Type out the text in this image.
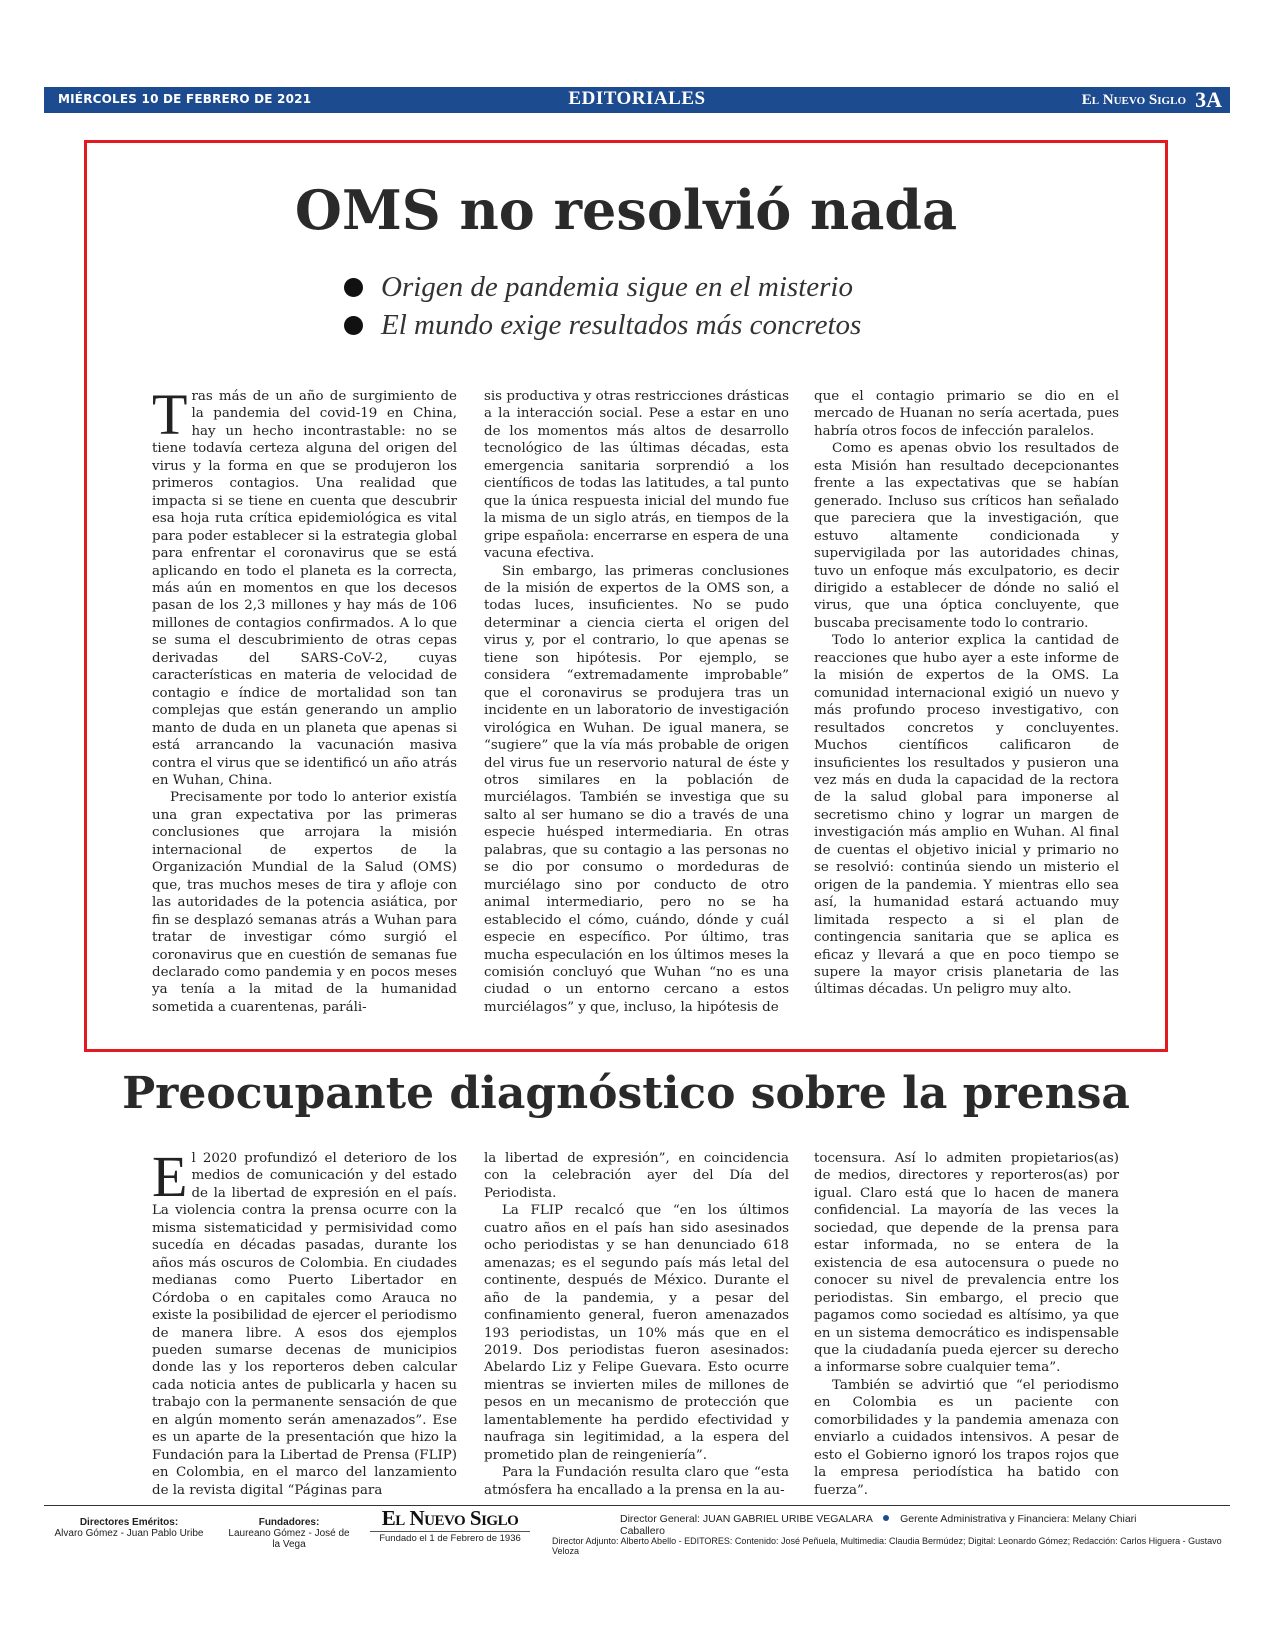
MIÉRCOLES 10 DE FEBRERO DE 2021	EDITORIALES	El Nuevo Siglo 3A
OMS no resolvió nada
Origen de pandemia sigue en el misterio
El mundo exige resultados más concretos
T ras más de un año de surgimiento de la pandemia del covid-19 en China, hay un hecho incontrastable: no se tiene todavía certeza alguna del origen del virus y la forma en que se produjeron los primeros contagios. Una realidad que impacta si se tiene en cuenta que descubrir esa hoja ruta crítica epidemiológica es vital para poder establecer si la estrategia global para enfrentar el coronavirus que se está aplicando en todo el planeta es la correcta, más aún en momentos en que los decesos pasan de los 2,3 millones y hay más de 106 millones de contagios confirmados. A lo que se suma el descubrimiento de otras cepas derivadas del SARS-CoV-2, cuyas características en materia de velocidad de contagio e índice de mortalidad son tan complejas que están generando un amplio manto de duda en un planeta que apenas si está arrancando la vacunación masiva contra el virus que se identificó un año atrás en Wuhan, China.

Precisamente por todo lo anterior existía una gran expectativa por las primeras conclusiones que arrojara la misión internacional de expertos de la Organización Mundial de la Salud (OMS) que, tras muchos meses de tira y afloje con las autoridades de la potencia asiática, por fin se desplazó semanas atrás a Wuhan para tratar de investigar cómo surgió el coronavirus que en cuestión de semanas fue declarado como pandemia y en pocos meses ya tenía a la mitad de la humanidad sometida a cuarentenas, paráli-

sis productiva y otras restricciones drásticas a la interacción social. Pese a estar en uno de los momentos más altos de desarrollo tecnológico de las últimas décadas, esta emergencia sanitaria sorprendió a los científicos de todas las latitudes, a tal punto que la única respuesta inicial del mundo fue la misma de un siglo atrás, en tiempos de la gripe española: encerrarse en espera de una vacuna efectiva.

Sin embargo, las primeras conclusiones de la misión de expertos de la OMS son, a todas luces, insuficientes. No se pudo determinar a ciencia cierta el origen del virus y, por el contrario, lo que apenas se tiene son hipótesis. Por ejemplo, se considera “extremadamente improbable” que el coronavirus se produjera tras un incidente en un laboratorio de investigación virológica en Wuhan. De igual manera, se “sugiere” que la vía más probable de origen del virus fue un reservorio natural de éste y otros similares en la población de murciélagos. También se investiga que su salto al ser humano se dio a través de una especie huésped intermediaria. En otras palabras, que su contagio a las personas no se dio por consumo o mordeduras de murciélago sino por conducto de otro animal intermediario, pero no se ha establecido el cómo, cuándo, dónde y cuál especie en específico. Por último, tras mucha especulación en los últimos meses la comisión concluyó que Wuhan “no es una ciudad o un entorno cercano a estos murciélagos” y que, incluso, la hipótesis de

que el contagio primario se dio en el mercado de Huanan no sería acertada, pues habría otros focos de infección paralelos.

Como es apenas obvio los resultados de esta Misión han resultado decepcionantes frente a las expectativas que se habían generado. Incluso sus críticos han señalado que pareciera que la investigación, que estuvo altamente condicionada y supervigilada por las autoridades chinas, tuvo un enfoque más exculpatorio, es decir dirigido a establecer de dónde no salió el virus, que una óptica concluyente, que buscaba precisamente todo lo contrario.

Todo lo anterior explica la cantidad de reacciones que hubo ayer a este informe de la misión de expertos de la OMS. La comunidad internacional exigió un nuevo y más profundo proceso investigativo, con resultados concretos y concluyentes. Muchos científicos calificaron de insuficientes los resultados y pusieron una vez más en duda la capacidad de la rectora de la salud global para imponerse al secretismo chino y lograr un margen de investigación más amplio en Wuhan. Al final de cuentas el objetivo inicial y primario no se resolvió: continúa siendo un misterio el origen de la pandemia. Y mientras ello sea así, la humanidad estará actuando muy limitada respecto a si el plan de contingencia sanitaria que se aplica es eficaz y llevará a que en poco tiempo se supere la mayor crisis planetaria de las últimas décadas. Un peligro muy alto.

Preocupante diagnóstico sobre la prensa
E l 2020 profundizó el deterioro de los medios de comunicación y del estado de la libertad de expresión en el país. La violencia contra la prensa ocurre con la misma sistematicidad y permisividad como sucedía en décadas pasadas, durante los años más oscuros de Colombia. En ciudades medianas como Puerto Libertador en Córdoba o en capitales como Arauca no existe la posibilidad de ejercer el periodismo de manera libre. A esos dos ejemplos pueden sumarse decenas de municipios donde las y los reporteros deben calcular cada noticia antes de publicarla y hacen su trabajo con la permanente sensación de que en algún momento serán amenazados”. Ese es un aparte de la presentación que hizo la Fundación para la Libertad de Prensa (FLIP) en Colombia, en el marco del lanzamiento de la revista digital “Páginas para

la libertad de expresión”, en coincidencia con la celebración ayer del Día del Periodista.

La FLIP recalcó que “en los últimos cuatro años en el país han sido asesinados ocho periodistas y se han denunciado 618 amenazas; es el segundo país más letal del continente, después de México. Durante el año de la pandemia, y a pesar del confinamiento general, fueron amenazados 193 periodistas, un 10% más que en el 2019. Dos periodistas fueron asesinados: Abelardo Liz y Felipe Guevara. Esto ocurre mientras se invierten miles de millones de pesos en un mecanismo de protección que lamentablemente ha perdido efectividad y naufraga sin legitimidad, a la espera del prometido plan de reingeniería”.

Para la Fundación resulta claro que “esta atmósfera ha encallado a la prensa en la au-

tocensura. Así lo admiten propietarios(as) de medios, directores y reporteros(as) por igual. Claro está que lo hacen de manera confidencial. La mayoría de las veces la sociedad, que depende de la prensa para estar informada, no se entera de la existencia de esa autocensura o puede no conocer su nivel de prevalencia entre los periodistas. Sin embargo, el precio que pagamos como sociedad es altísimo, ya que en un sistema democrático es indispensable que la ciudadanía pueda ejercer su derecho a informarse sobre cualquier tema”.

También se advirtió que “el periodismo en Colombia es un paciente con comorbilidades y la pandemia amenaza con enviarlo a cuidados intensivos. A pesar de esto el Gobierno ignoró los trapos rojos que la empresa periodística ha batido con fuerza”.

Directores Eméritos:
Alvaro Gómez - Juan Pablo Uribe
Fundadores:
Laureano Gómez - José de la Vega
El Nuevo Siglo
Fundado el 1 de Febrero de 1936
Director General: JUAN GABRIEL URIBE VEGALARA	Gerente Administrativa y Financiera: Melany Chiari Caballero
Director Adjunto: Alberto Abello - EDITORES: Contenido: José Peñuela, Multimedia: Claudia Bermúdez; Digital: Leonardo Gómez; Redacción: Carlos Higuera - Gustavo Veloza
